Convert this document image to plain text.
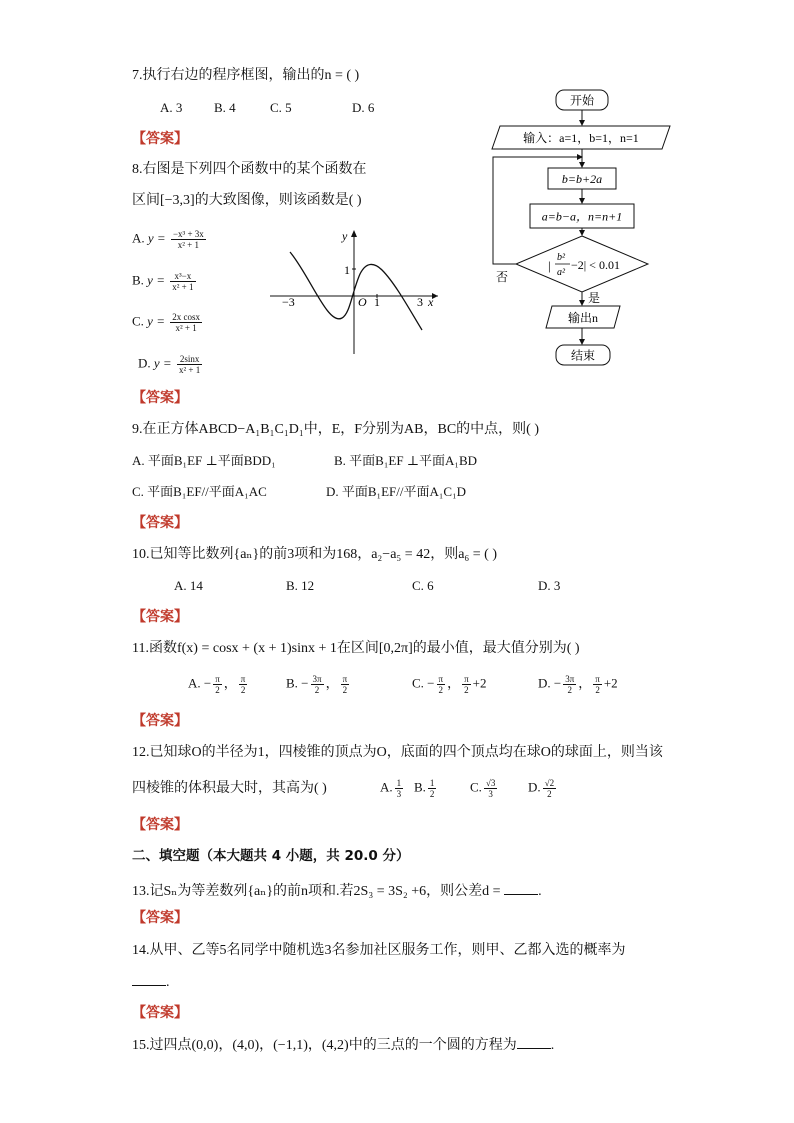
7.执行右边的程序框图，输出的n = ( )
A. 3 B. 4	C. 5	D. 6
【答案】
8.右图是下列四个函数中的某个函数在
区间[−3,3]的大致图像，则该函数是( )
A. $y = \frac{\text{−x³ + 3x}}{\text{x² + 1}}$
B. $y = \frac{\text{x³−x}}{\text{x² + 1}}$
C. $y = \frac{\text{2x cosx}}{\text{x² + 1}}$
D. $y = \frac{2\sin x}{\text{x² + 1}}$
y
x
O
−3	1	3
1
开始
输入：a=1，b=1，n=1
b=b+2a
a=b−a，n=n+1
|
b²
a²
−2| < 0.01
否
是
输出n
结束
【答案】
9.在正方体ABCD−A₁B₁C₁D₁中，E，F分别为AB，BC的中点，则( )
A. 平面B₁EF ⊥平面BDD₁	B. 平面B₁EF ⊥平面A₁BD
C. 平面B₁EF//平面A₁AC	D. 平面B₁EF//平面A₁C₁D
【答案】
10.已知等比数列{aₙ}的前3项和为168，a₂−a₅ = 42，则a₆ = ( )
A. 14	B. 12	C. 6	D. 3
【答案】
11.函数f(x) = cosx + (x + 1)sinx + 1在区间[0,2π]的最小值，最大值分别为( )
A. − $\frac{\pi}{2}$ ， $\frac{\pi}{2}$	B. − $\frac{3\pi}{2}$ ， $\frac{\pi}{2}$	C. − $\frac{\pi}{2}$ ， $\frac{\pi}{2} +2$	D. − $\frac{3\pi}{2}$ ， $\frac{\pi}{2} +2$
【答案】
12.已知球O的半径为1，四棱锥的顶点为O，底面的四个顶点均在球O的球面上，则当该
四棱锥的体积最大时，其高为( )	A. $\frac{1}{3} B$. $\frac{1}{2}$	C. $\frac{√3}{3} D$. $\frac{√2}{2}$
【答案】
二、填空题（本大题共 4 小题，共 20.0 分）
13.记Sₙ为等差数列{aₙ}的前n项和.若2S₃ = 3S₂ +6，则公差d = .
【答案】
14.从甲、乙等5名同学中随机选3名参加社区服务工作，则甲、乙都入选的概率为
.
【答案】
15.过四点(0,0)，(4,0)，(−1,1)，(4,2)中的三点的一个圆的方程为 .
